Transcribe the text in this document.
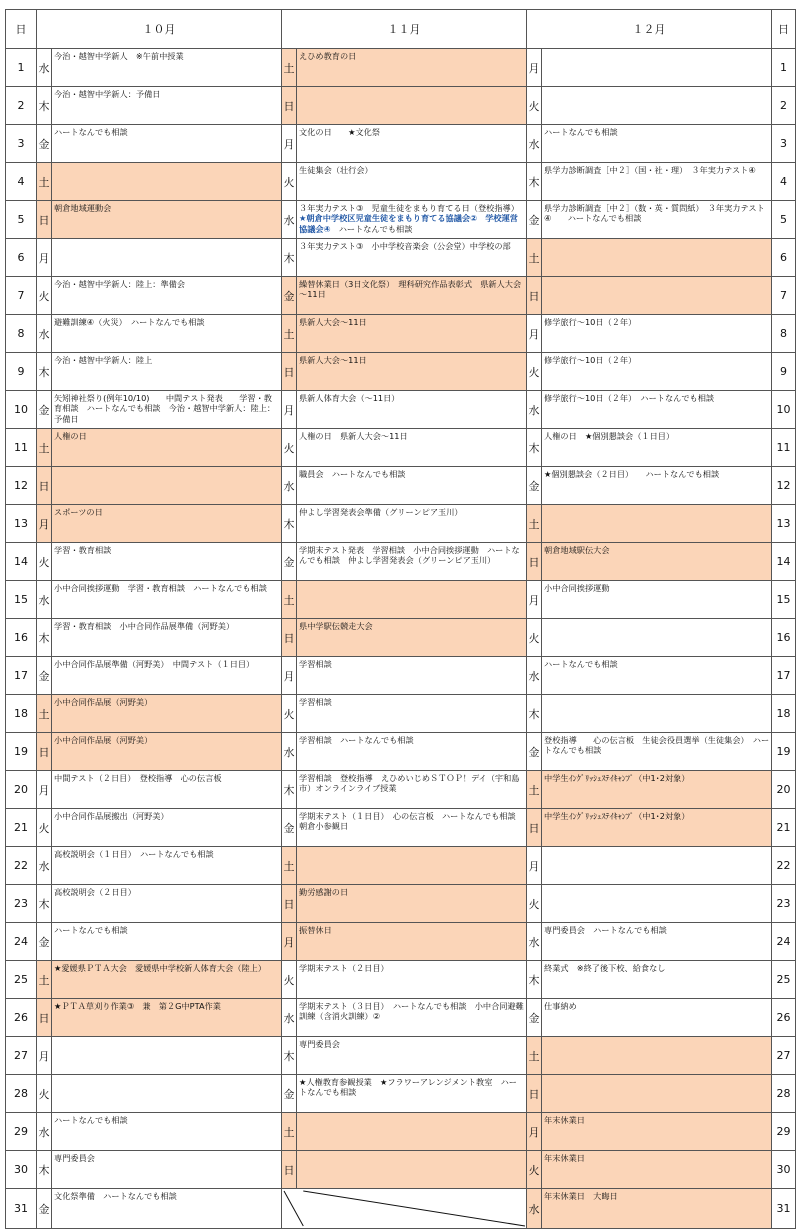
日	１０月		１１月		１２月		日
1	水	今治・越智中学新人　※午前中授業	土	えひめ教育の日	月		1
2	木	今治・越智中学新人：予備日	日		火		2
3	金	ハートなんでも相談	月	文化の日　　★文化祭	水	ハートなんでも相談	3
4	土		火	生徒集会（壮行会）	木	県学力診断調査［中２］（国・社・理）　３年実力テスト④	4
5	日	朝倉地域運動会	水	３年実力テスト③　児童生徒をまもり育てる日（登校指導）★朝倉中学校区児童生徒をまもり育てる協議会②　学校運営協議会④　 ハートなんでも相談	金	県学力診断調査［中２］（数・英・質問紙）　３年実力テスト④　　ハートなんでも相談	5
6	月		木	３年実力テスト③　小中学校音楽会（公会堂）中学校の部	土		6
7	火	今治・越智中学新人：陸上：準備会	金	繰替休業日（3日文化祭）　理科研究作品表彰式　県新人大会～11日	日		7
8	水	避難訓練④（火災）　ハートなんでも相談	土	県新人大会～11日	月	修学旅行～10日（２年）	8
9	木	今治・越智中学新人：陸上	日	県新人大会～11日	火	修学旅行～10日（２年）	9
10	金	矢矧神社祭り(例年10/10)　　中間テスト発表　　学習・教育相談　ハートなんでも相談　今治・越智中学新人：陸上：予備日	月	県新人体育大会（～11日）	水	修学旅行～10日（２年）　ハートなんでも相談	10
11	土	人権の日	火	人権の日　県新人大会～11日	木	人権の日　★個別懇談会（１日目）	11
12	日		水	職員会　ハートなんでも相談	金	★個別懇談会（２日目）　　ハートなんでも相談	12
13	月	スポーツの日	木	仲よし学習発表会準備（グリーンピア玉川）	土		13
14	火	学習・教育相談	金	学期末テスト発表　学習相談　小中合同挨拶運動　ハートなんでも相談　仲よし学習発表会（グリーンピア玉川）	日	朝倉地域駅伝大会	14
15	水	小中合同挨拶運動　学習・教育相談　ハートなんでも相談	土		月	小中合同挨拶運動	15
16	木	学習・教育相談　小中合同作品展準備（河野美）	日	県中学駅伝競走大会	火		16
17	金	小中合同作品展準備（河野美）　中間テスト（１日目）	月	学習相談	水	ハートなんでも相談	17
18	土	小中合同作品展（河野美）	火	学習相談	木		18
19	日	小中合同作品展（河野美）	水	学習相談　ハートなんでも相談	金	登校指導　　心の伝言板　生徒会役員選挙（生徒集会）　ハートなんでも相談	19
20	月	中間テスト（２日目）　登校指導　心の伝言板	木	学習相談　登校指導　えひめいじめＳＴＯＰ！デイ（宇和島市）オンラインライブ授業	土	中学生ｲﾝｸﾞﾘｯｼｭｽﾃｲｷｬﾝﾌﾟ（中1･2対象）	20
21	火	小中合同作品展搬出（河野美）	金	学期末テスト（１日目）　心の伝言板　ハートなんでも相談　　朝倉小参観日	日	中学生ｲﾝｸﾞﾘｯｼｭｽﾃｲｷｬﾝﾌﾟ（中1･2対象）	21
22	水	高校説明会（１日目）　ハートなんでも相談	土		月		22
23	木	高校説明会（２日目）	日	勤労感謝の日	火		23
24	金	ハートなんでも相談	月	振替休日	水	専門委員会　ハートなんでも相談	24
25	土	★愛媛県ＰＴＡ大会　愛媛県中学校新人体育大会（陸上）	火	学期末テスト（２日目）	木	終業式　※終了後下校、給食なし	25
26	日	★ＰＴＡ草刈り作業③　兼　第２G中PTA作業	水	学期末テスト（３日目）　ハートなんでも相談　小中合同避難訓練（含消火訓練）②	金	仕事納め	26
27	月		木	専門委員会	土		27
28	火		金	★人権教育参観授業　★フラワーアレンジメント教室　ハートなんでも相談	日		28
29	水	ハートなんでも相談	土		月	年末休業日	29
30	木	専門委員会	日		火	年末休業日	30
31	金	文化祭準備　ハートなんでも相談			水	年末休業日　大晦日	31
